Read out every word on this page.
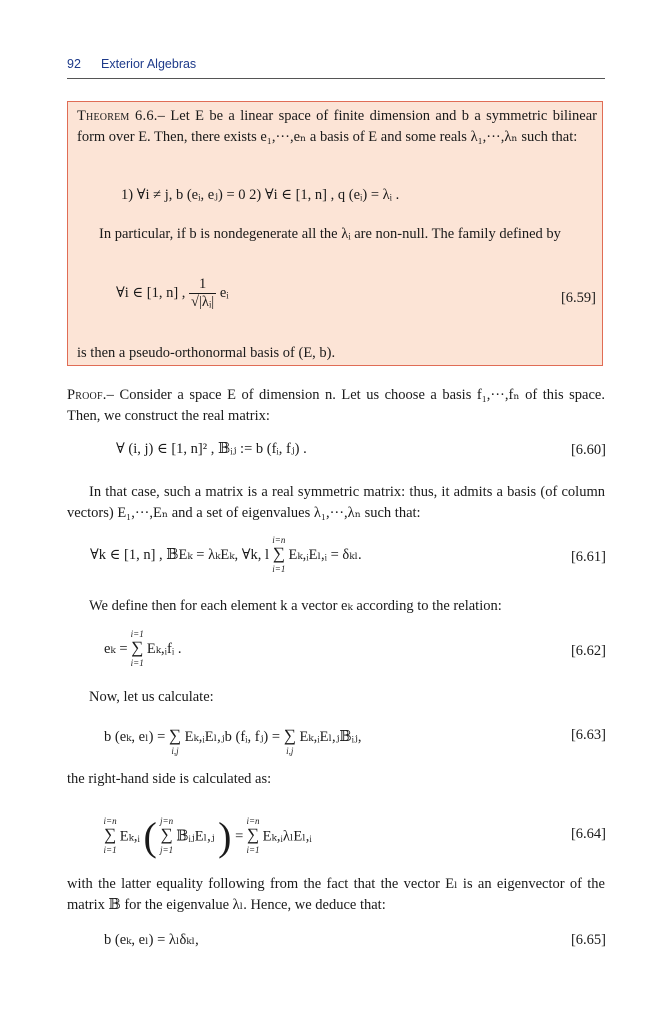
92 Exterior Algebras
Theorem 6.6.– Let E be a linear space of finite dimension and b a symmetric bilinear form over E. Then, there exists e₁,···,eₙ a basis of E and some reals λ₁,···,λₙ such that:
1) ∀i ≠ j, b (eᵢ, eⱼ) = 0 2) ∀i ∈ [1, n] , q (eᵢ) = λᵢ .
In particular, if b is nondegenerate all the λᵢ are non-null. The family defined by
∀i ∈ [1, n] , $\frac{1}{\text{√|λᵢ|}}$ eᵢ	[6.59]
is then a pseudo-orthonormal basis of (E, b).
Proof.– Consider a space E of dimension n. Let us choose a basis f₁,···,fₙ of this space. Then, we construct the real matrix:
∀ (i, j) ∈ [1, n]² , 𝔹ᵢⱼ := b (fᵢ, fⱼ) .	[6.60]
In that case, such a matrix is a real symmetric matrix: thus, it admits a basis (of column vectors) E₁,···,Eₙ and a set of eigenvalues λ₁,···,λₙ such that:
∀k ∈ [1, n] , 𝔹Eₖ = λₖEₖ, ∀k, l ∑
i=n
i=1
Eₖ,ᵢEₗ,ᵢ = δₖₗ.	[6.61]
We define then for each element k a vector eₖ according to the relation:
eₖ = ∑
i=1
i=1
Eₖ,ᵢfᵢ .	[6.62]
Now, let us calculate:
b (eₖ, eₗ) = ∑
i,j
Eₖ,ᵢEₗ,ⱼb (fᵢ, fⱼ) = ∑
i,j
Eₖ,ᵢEₗ,ⱼ𝔹ᵢⱼ,	[6.63]
the right-hand side is calculated as:
∑
i=n
i=1
Eₖ,ᵢ ( ∑
j=n
j=1
𝔹ᵢⱼEₗ,ⱼ ) = ∑
i=n
i=1
Eₖ,ᵢλₗEₗ,ᵢ	[6.64]
with the latter equality following from the fact that the vector Eₗ is an eigenvector of the matrix 𝔹 for the eigenvalue λₗ. Hence, we deduce that:
b (eₖ, eₗ) = λₗδₖₗ,	[6.65]
